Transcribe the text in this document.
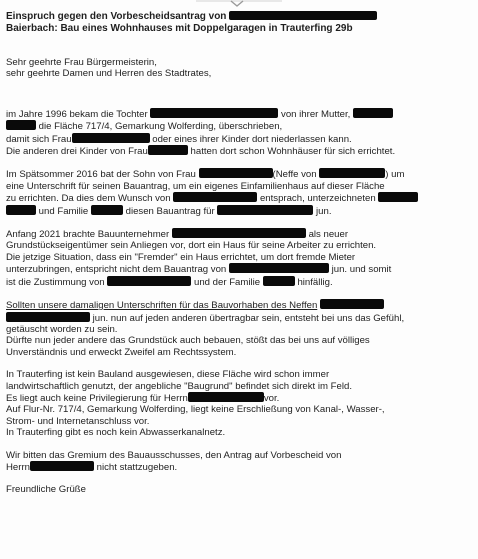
Einspruch gegen den Vorbescheidsantrag von
Baierbach: Bau eines Wohnhauses mit Doppelgaragen in Trauterfing 29b
Sehr geehrte Frau Bürgermeisterin,
sehr geehrte Damen und Herren des Stadtrates,
im Jahre 1996 bekam die Tochter	von ihrer Mutter,
die Fläche 717/4, Gemarkung Wolferding, überschrieben,
damit sich Frau	oder eines ihrer Kinder dort niederlassen kann.
Die anderen drei Kinder von Frau	hatten dort schon Wohnhäuser für sich errichtet.
Im Spätsommer 2016 bat der Sohn von Frau	(Neffe von	) um
eine Unterschrift für seinen Bauantrag, um ein eigenes Einfamilienhaus auf dieser Fläche
zu errichten. Da dies dem Wunsch von	entsprach, unterzeichneten
und Familie	diesen Bauantrag für	jun.
Anfang 2021 brachte Bauunternehmer	als neuer
Grundstückseigentümer sein Anliegen vor, dort ein Haus für seine Arbeiter zu errichten.
Die jetzige Situation, dass ein "Fremder" ein Haus errichtet, um dort fremde Mieter
unterzubringen, entspricht nicht dem Bauantrag von	jun. und somit
ist die Zustimmung von	und der Familie	hinfällig.
Sollten unsere damaligen Unterschriften für das Bauvorhaben des Neffen
jun. nun auf jeden anderen übertragbar sein, entsteht bei uns das Gefühl,
getäuscht worden zu sein.
Dürfte nun jeder andere das Grundstück auch bebauen, stößt das bei uns auf völliges
Unverständnis und erweckt Zweifel am Rechtssystem.
In Trauterfing ist kein Bauland ausgewiesen, diese Fläche wird schon immer
landwirtschaftlich genutzt, der angebliche "Baugrund" befindet sich direkt im Feld.
Es liegt auch keine Privilegierung für Herrn	vor.
Auf Flur-Nr. 717/4, Gemarkung Wolferding, liegt keine Erschließung von Kanal-, Wasser-,
Strom- und Internetanschluss vor.
In Trauterfing gibt es noch kein Abwasserkanalnetz.
Wir bitten das Gremium des Bauausschusses, den Antrag auf Vorbescheid von
Herrn	nicht stattzugeben.
Freundliche Grüße
